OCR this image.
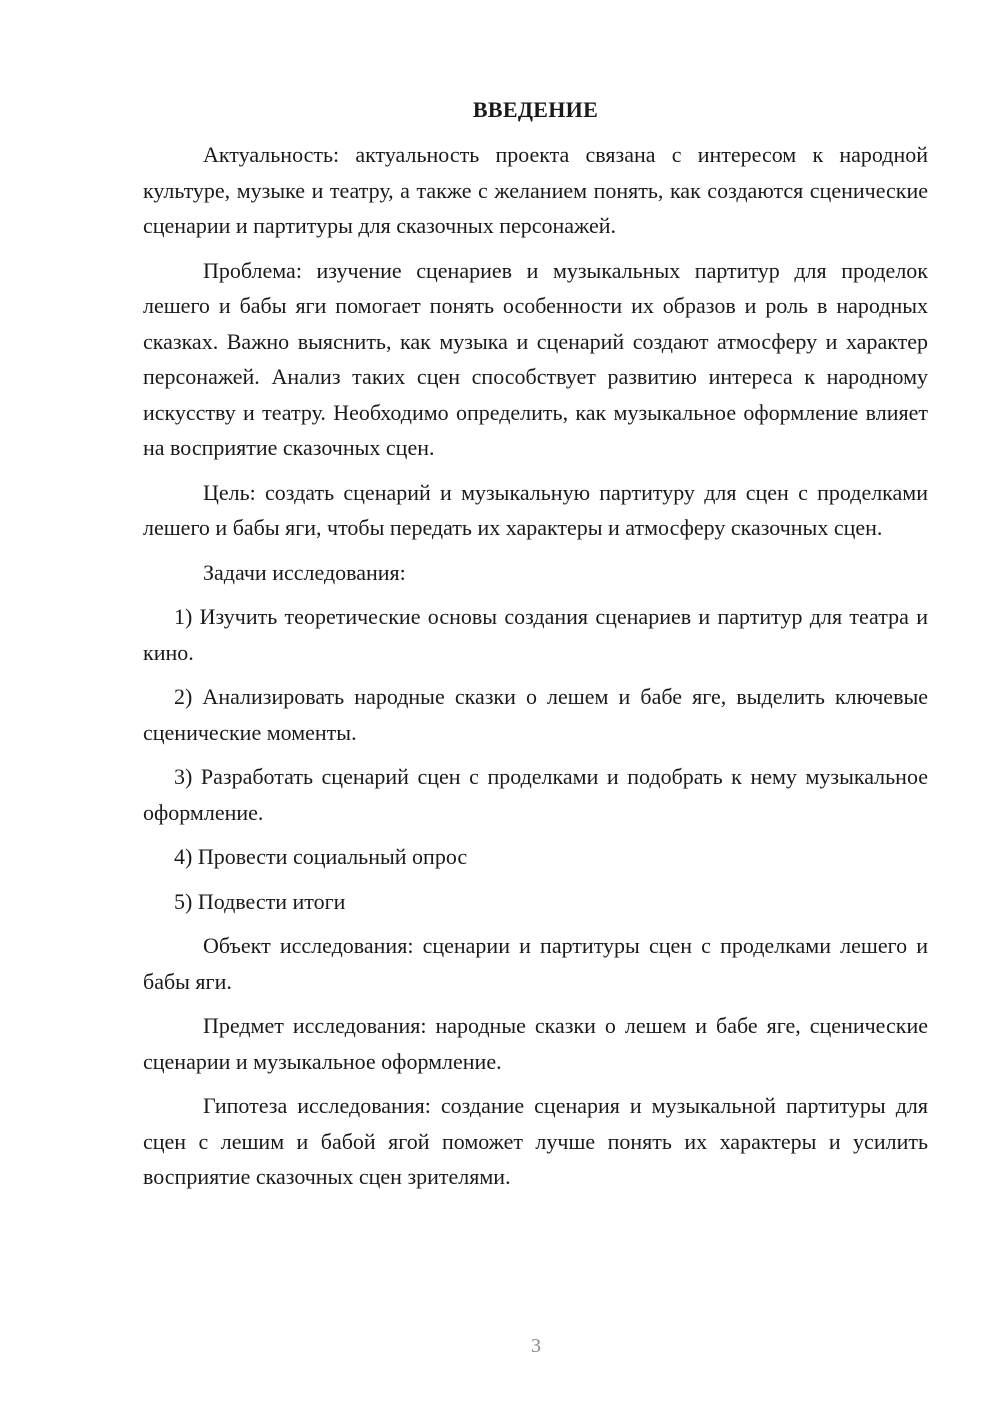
ВВЕДЕНИЕ

Актуальность: актуальность проекта связана с интересом к народной культуре, музыке и театру, а также с желанием понять, как создаются сценические сценарии и партитуры для сказочных персонажей.

Проблема: изучение сценариев и музыкальных партитур для проделок лешего и бабы яги помогает понять особенности их образов и роль в народных сказках. Важно выяснить, как музыка и сценарий создают атмосферу и характер персонажей. Анализ таких сцен способствует развитию интереса к народному искусству и театру. Необходимо определить, как музыкальное оформление влияет на восприятие сказочных сцен.

Цель: создать сценарий и музыкальную партитуру для сцен с проделками лешего и бабы яги, чтобы передать их характеры и атмосферу сказочных сцен.

Задачи исследования:

1) Изучить теоретические основы создания сценариев и партитур для театра и кино.

2) Анализировать народные сказки о лешем и бабе яге, выделить ключевые сценические моменты.

3) Разработать сценарий сцен с проделками и подобрать к нему музыкальное оформление.

4) Провести социальный опрос

5) Подвести итоги

Объект исследования: сценарии и партитуры сцен с проделками лешего и бабы яги.

Предмет исследования: народные сказки о лешем и бабе яге, сценические сценарии и музыкальное оформление.

Гипотеза исследования: создание сценария и музыкальной партитуры для сцен с лешим и бабой ягой поможет лучше понять их характеры и усилить восприятие сказочных сцен зрителями.

3
